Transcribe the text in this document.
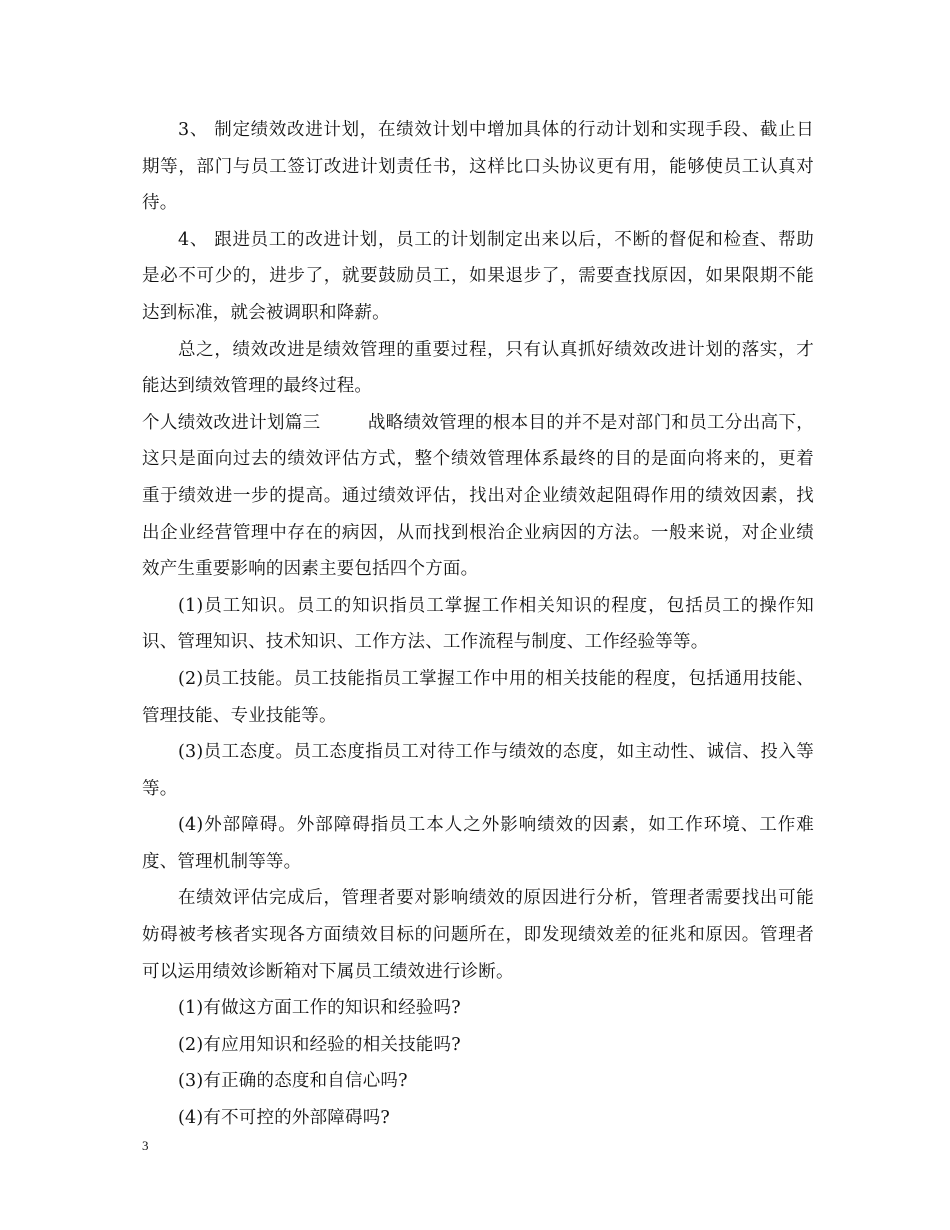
3、 制定绩效改进计划，在绩效计划中增加具体的行动计划和实现手段、截止日期等，部门与员工签订改进计划责任书，这样比口头协议更有用，能够使员工认真对待。

4、 跟进员工的改进计划，员工的计划制定出来以后，不断的督促和检查、帮助是必不可少的，进步了，就要鼓励员工，如果退步了，需要查找原因，如果限期不能达到标准，就会被调职和降薪。

总之，绩效改进是绩效管理的重要过程，只有认真抓好绩效改进计划的落实，才能达到绩效管理的最终过程。

个人绩效改进计划篇三	战略绩效管理的根本目的并不是对部门和员工分出高下，这只是面向过去的绩效评估方式，整个绩效管理体系最终的目的是面向将来的，更着重于绩效进一步的提高。通过绩效评估，找出对企业绩效起阻碍作用的绩效因素，找出企业经营管理中存在的病因，从而找到根治企业病因的方法。一般来说，对企业绩效产生重要影响的因素主要包括四个方面。

(1)员工知识。员工的知识指员工掌握工作相关知识的程度，包括员工的操作知识、管理知识、技术知识、工作方法、工作流程与制度、工作经验等等。

(2)员工技能。员工技能指员工掌握工作中用的相关技能的程度，包括通用技能、管理技能、专业技能等。

(3)员工态度。员工态度指员工对待工作与绩效的态度，如主动性、诚信、投入等等。

(4)外部障碍。外部障碍指员工本人之外影响绩效的因素，如工作环境、工作难度、管理机制等等。

在绩效评估完成后，管理者要对影响绩效的原因进行分析，管理者需要找出可能妨碍被考核者实现各方面绩效目标的问题所在，即发现绩效差的征兆和原因。管理者可以运用绩效诊断箱对下属员工绩效进行诊断。

(1)有做这方面工作的知识和经验吗?

(2)有应用知识和经验的相关技能吗?

(3)有正确的态度和自信心吗?

(4)有不可控的外部障碍吗?

3
